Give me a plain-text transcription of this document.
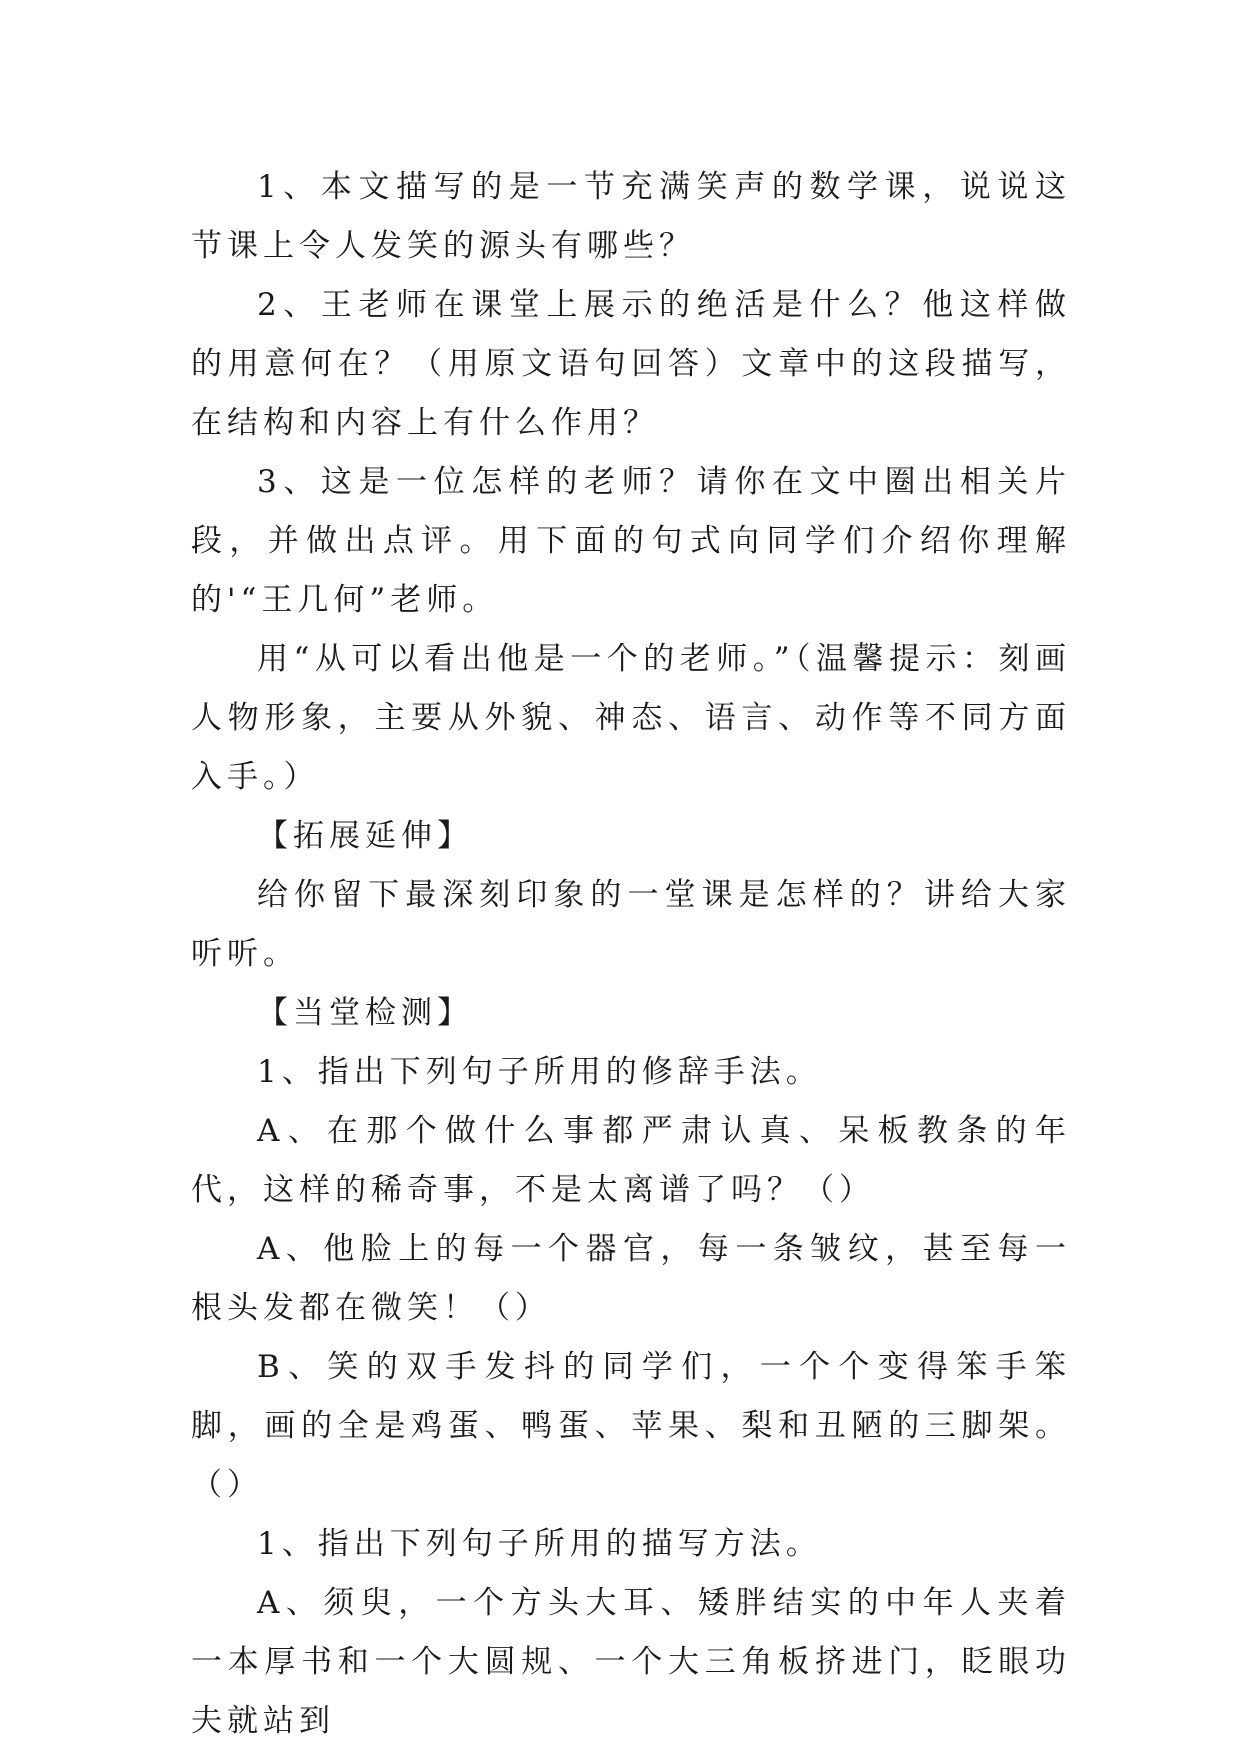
1、本文描写的是一节充满笑声的数学课，说说这节课上令人发笑的源头有哪些？

2、王老师在课堂上展示的绝活是什么？他这样做的用意何在？（用原文语句回答）文章中的这段描写，在结构和内容上有什么作用？

3、这是一位怎样的老师？请你在文中圈出相关片段，并做出点评。用下面的句式向同学们介绍你理解的'“王几何”老师。

用“从可以看出他是一个的老师。”（温馨提示：刻画人物形象，主要从外貌、神态、语言、动作等不同方面入手。）

【拓展延伸】

给你留下最深刻印象的一堂课是怎样的？讲给大家听听。

【当堂检测】

1、指出下列句子所用的修辞手法。

A、在那个做什么事都严肃认真、呆板教条的年代，这样的稀奇事，不是太离谱了吗？（）

A、他脸上的每一个器官，每一条皱纹，甚至每一根头发都在微笑！（）

B、笑的双手发抖的同学们，一个个变得笨手笨脚，画的全是鸡蛋、鸭蛋、苹果、梨和丑陋的三脚架。（）

1、指出下列句子所用的描写方法。

A、须臾，一个方头大耳、矮胖结实的中年人夹着一本厚书和一个大圆规、一个大三角板挤进门，眨眼功夫就站到
